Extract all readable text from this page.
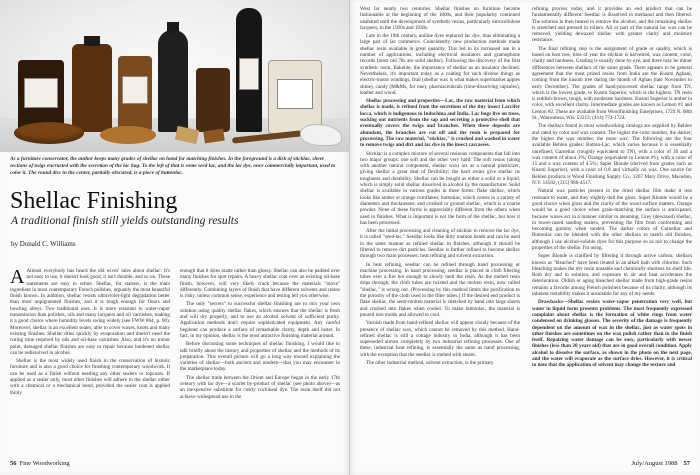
As a furniture conservator, the author keeps many grades of shellac on hand for matching finishes. In the foreground is a disk of sticklac, sheet sections of twigs encrusted with the secretion of the lac bug. To the left of that is some seed lac, and the lac dye, once commercially important, used to color it. The round disc in the center, partially obscured, is a piece of buttonlac.

Shellac Finishing

A traditional finish still yields outstanding results

by Donald C. Williams

A Almost everybody has heard the old wives' tales about shellac: It's not easy to use, it doesn't look good, it isn't durable, and so on. These statements are easy to refute. Shellac, for starters, is the main ingredient in most contemporary French polishes, arguably the most beautiful finish known. In addition, shellac resists ultraviolet-light degradation better than most unpigmented finishes, and it is tough enough for floors and bowling alleys. Two traditional uses. It is more resistant to water-vapor transmission than polishes, oils and many lacquers and oil varnishes, making it a good choice where humidity levels swing widely (see FWW #64, p. 90). Moreover, shellac is an excellent sealer, able to cover waxes, knots and many existing finishes. Shellac dries quickly by evaporation and doesn't need the curing time required by oils and oil-base varnishes. Also, and it's no minor point, damaged shellac finishes are easy to repair because hardened shellac can be redissolved in alcohol.

Shellac is the most widely used finish in the conservation of historic furniture and is also a good choice for finishing contemporary woodwork. It can be used as a finish without needing any other sealers or topcoats. If applied as a sealer only, most other finishes will adhere to the shellac either with a chemical or a mechanical bond, provided the sealer coat is applied thinly

enough that it dries matte rather than glossy. Shellac can also be padded over many finishes for spot repairs. A heavy shellac coat over an existing oil-base finish, however, will very likely crack because the materials "move" differently. Combining layers of finish that have different solvents and resins is risky, unless common sense, experience and testing tell you otherwise.

The only "secrets" to successful shellac finishing are to mix your own solution using quality shellac flakes, which ensures that the shellac is fresh and will dry properly, and to use an alcohol solvent of sufficient purity. Application methods don't require sophisticated equipment. Any careful beginner can produce a surface of remarkable clarity, depth and luster. In fact, in my opinion, shellac is the most attractive finishing material around.

Before discussing some techniques of shellac finishing, I would like to talk briefly about the history and properties of shellac and the methods of its preparation. This overall picture will go a long way toward explaining the varieties of shellac—both ancient and modern—that you may encounter in the marketplace today.

The shellac trade between the Orient and Europe began in the early 17th century with lac dye—a scarlet by-product of shellac (see photo above)—as an inexpensive substitute for costly cochineal dye. The resin itself did not achieve widespread use in the

56 Fine Woodworking

West for nearly two centuries. Shellac finishes on furniture became fashionable at the beginning of the 1800s, and their popularity continued unabated until the development of synthetic resins, particularly nitrocellulose lacquers, in the 1920s and 1930s.

Late in the 19th century, aniline dyes replaced lac dye, thus eliminating a large part of lac commerce. Coincidently, new production methods made shellac resin available in great quantity. This led to its increased use in a number of applications, including electrical insulators and gramophone records (most old 78s are solid shellac). Following the discovery of the first synthetic resin, Bakelite, the importance of shellac as an insulator declined. Nevertheless, it's important today as a coating for such diverse things as electric-motor windings, fruit (shellac wax is what makes supermarket apples shine), candy (M&Ms, for one), pharmaceuticals (time-dissolving capsules), leather and wood.

Shellac processing and properties—Lac, the raw material from which shellac is made, is refined from the secretions of the tiny insect Laccifer lacca, which is indigenous to Indochina and India. Lac bugs live on trees, sucking out nutrients from the sap and secreting a protective shell that eventually covers the twigs and branches. When these deposits are abundant, the branches are cut off and the resin is prepared for processing. The raw material, "sticklac," is crushed and washed in water to remove twigs and dirt and lac dye in the insect carcasses.

Sticklac is a complex mixture of several resinous components that fall into two major groups: one soft and the other very hard. The soft resins (along with another natural component, shellac wax) act as a natural plasticizer, giving shellac a great deal of flexibility; the hard resins give shellac its toughness and durability. Shellac can be bought as either a solid or a liquid, which is simply solid shellac dissolved in alcohol by the manufacturer. Solid shellac is available in various grades in three forms: flake shellac, which looks like amber or orange cornflakes; buttonlac, which comes in a variety of diameters and thicknesses; and crushed or ground shellac, which is a coarse powder. None of these forms is appreciably different from the others when used in finishes. What is important is not the form of the shellac, but how it has been processed.

After the initial processing and cleaning of sticklac to remove the lac dye, it is called "seed-lac." Seedlac looks like dirty maroon beads and can be used in the same manner as refined shellac in finishes, although it should be filtered to remove dirt particles. Seedlac is further refined to become shellac through two main processes: heat refining and solvent extraction.

In heat refining, seedlac can be refined through hand processing or machine processing. In hand processing, seedlac is placed in cloth filtering tubes over a fire hot enough to slowly melt the resin. As the melted resin drips through, the cloth tubes are twisted and the molten resin, now called "shellac," is wrung out. (Processing by this method limits the purification to the porosity of the cloth used in the filter tubes.) If the desired end product is flake shellac, the semi-molten material is stretched by hand into large sheets and crushed into flakes when cooled. To make buttonlac, the material is poured into molds and allowed to cool.

Varnish made from hand-refined shellac will appear cloudy because of the presence of shellac wax, which cannot be removed by this method. Hand-refined shellac is still a cottage industry in India, although it has been superseded almost completely by two industrial refining processes. One of these, industrial heat refining, is essentially the same as hand processing, with the exception that the seedlac is melted with steam.

The other industrial method, solvent extraction, is the primary

refining process today, and it provides an end product that can be fundamentally different. Seedlac is dissolved in methanol and then filtered. The solution is then heated to remove the alcohol, and the remaining shellac is stretched and pressed in rollers. All or part of the natural lac wax can be removed, yielding dewaxed shellac with greater clarity and moisture resistance.

The final refining step is the assignment of grade or quality, which is based on host tree, time of year the sticklac is harvested, wax content, color, clarity and hardness. Grading is usually done by eye, and there may be minor differences between shellacs of the same grade. There appears to be general agreement that the most prized resins from India are the Kusmi Aghani, coming from the kusum tree during the month of Aghan (late November to early December). The grades of hand-processed shellac range from TN, which is the lowest grade, to Kusmi Superior, which is the highest. TN resin is reddish-brown, tough, with moderate hardness. Kusmi Superior is amber in color, with excellent clarity. Intermediate grades are known as Lemon #1 and Lemon #2. These are available from Woodfinishing Enterprises, 1729 N. 68th St., Wauwatosa, Wis. 53213; (414) 774-1724.

The shellacs found in most woodworking catalogs are supplied by Behlen and rated by color and wax content. The higher the color number, the darker; the higher the wax number, the more wax. The following are the four available Behlen grades: Button-Lac, which varies because it is essentially unrefined; Garnetlac (roughly equivalent to TN), with a color of 30 and a wax content of about 3%; Orange (equivalent to Lemon #1), with a color of 15 and a wax content of 4.5%; Super Blonde (derived from grades such as Kusmi Superior), with a color of 0.8 and virtually no wax. One source for Behlen products is Wood Finishing Supply Co., 1267 Mary Drive, Macedon, N.Y. 14502; (315) 986-4517.

Natural wax particles present in the dried shellac film make it less resistant to water, and they slightly dull the gloss. Super Blonde would be a good choice when gloss and the clarity of the wood surface matters. Orange would be a good choice when grain-matching the surface is anticipated, because waxes act in a manner similar to steaming. Grey (dewaxed) shellac, in lower-cased sanding sealers, preventing the film from conforming and becoming gummy when sanded. The darker colors of Garnetlac and Buttonlac can be blended with the other shellacs to match old finishes, although I use alcohol-soluble dyes for this purpose so as not to change the properties of the shellac I'm using.

Super Blonde is clarified by filtering it through active carbon; shellacs known as "bleached" have been treated in an alkali bath with chlorine. Such bleaching makes the dry resin unstable and chemically shortens its shelf life. Both dry and in solution, and exposure to air and heat accelerates the deterioration. Oldish or aging bleached shellac made from high-grade resins remains a favorite among French polishers because of its clarity, although its inherent instability makes it unsuitable for any of my needs.

Drawbacks—Shellac resists water-vapor penetration very well, but water in liquid form presents problems. The most frequently expressed complaint about shellac is the formation of white rings from water condensed on drinking glasses. The severity of the damage is frequently dependent on the amount of wax in the shellac, just as water spots in other finishes are sometimes on the wax polish rather than in the finish itself. Repairing water damage can be easy, particularly with newer finishes (less than 20 years old) that are in good overall condition. Apply alcohol to dissolve the surface, as shown in the photo on the next page, and the water will evaporate as the surface dries. However, it is critical to note that the application of solvent may change the texture and

July/August 1988 57
